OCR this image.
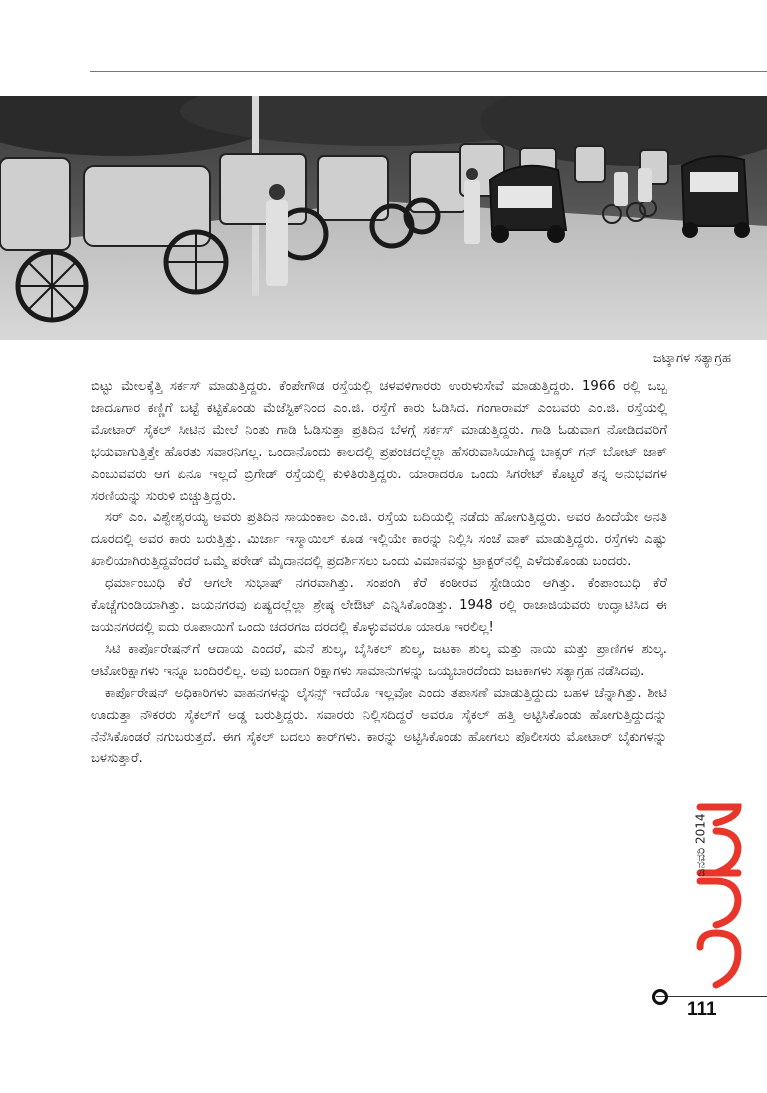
ಜಟ್ಕಾಗಳ ಸತ್ಯಾಗ್ರಹ

ಬಿಟ್ಟು ಮೇಲಕ್ಕೆತ್ತಿ ಸರ್ಕಸ್ ಮಾಡುತ್ತಿದ್ದರು. ಕೆಂಪೇಗೌಡ ರಸ್ತೆಯಲ್ಲಿ ಚಳವಳಿಗಾರರು ಉರುಳುಸೇವೆ ಮಾಡುತ್ತಿದ್ದರು. 1966 ರಲ್ಲಿ ಒಬ್ಬ ಜಾದೂಗಾರ ಕಣ್ಣಿಗೆ ಬಟ್ಟೆ ಕಟ್ಟಿಕೊಂಡು ಮೆಜೆಸ್ಟಿಕ್‌ನಿಂದ ಎಂ.ಜಿ. ರಸ್ತೆಗೆ ಕಾರು ಓಡಿಸಿದ. ಗಂಗಾರಾಮ್ ಎಂಬವರು ಎಂ.ಜಿ. ರಸ್ತೆಯಲ್ಲಿ ಮೋಟಾರ್ ಸೈಕಲ್ ಸೀಟಿನ ಮೇಲೆ ನಿಂತು ಗಾಡಿ ಓಡಿಸುತ್ತಾ ಪ್ರತಿದಿನ ಬೆಳಗ್ಗೆ ಸರ್ಕಸ್ ಮಾಡುತ್ತಿದ್ದರು. ಗಾಡಿ ಓಡುವಾಗ ನೋಡಿದವರಿಗೆ ಭಯವಾಗುತ್ತಿತ್ತೇ ಹೊರತು ಸವಾರನಿಗಲ್ಲ. ಒಂದಾನೊಂದು ಕಾಲದಲ್ಲಿ ಪ್ರಪಂಚದಲ್ಲೆಲ್ಲಾ ಹೆಸರುವಾಸಿಯಾಗಿದ್ದ ಬಾಕ್ಸರ್ ಗನ್ ಬೋಟ್ ಜಾಕ್ ಎಂಬುವವರು ಆಗ ಏನೂ ಇಲ್ಲದೆ ಬ್ರಿಗೇಡ್ ರಸ್ತೆಯಲ್ಲಿ ಕುಳಿತಿರುತ್ತಿದ್ದರು. ಯಾರಾದರೂ ಒಂದು ಸಿಗರೇಟ್ ಕೊಟ್ಟರೆ ತನ್ನ ಅನುಭವಗಳ ಸರಣಿಯನ್ನು ಸುರುಳಿ ಬಿಚ್ಚುತ್ತಿದ್ದರು.

ಸರ್ ಎಂ. ವಿಶ್ವೇಶ್ವರಯ್ಯ ಅವರು ಪ್ರತಿದಿನ ಸಾಯಂಕಾಲ ಎಂ.ಜಿ. ರಸ್ತೆಯ ಬದಿಯಲ್ಲಿ ನಡೆದು ಹೋಗುತ್ತಿದ್ದರು. ಅವರ ಹಿಂದೆಯೇ ಅನತಿ ದೂರದಲ್ಲಿ ಅವರ ಕಾರು ಬರುತ್ತಿತ್ತು. ಮಿರ್ಜಾ ಇಸ್ಮಾಯಿಲ್ ಕೂಡ ಇಲ್ಲಿಯೇ ಕಾರನ್ನು ನಿಲ್ಲಿಸಿ ಸಂಜೆ ವಾಕ್ ಮಾಡುತ್ತಿದ್ದರು. ರಸ್ತೆಗಳು ಎಷ್ಟು ಖಾಲಿಯಾಗಿರುತ್ತಿದ್ದವೆಂದರೆ ಒಮ್ಮೆ ಪರೇಡ್ ಮೈದಾನದಲ್ಲಿ ಪ್ರದರ್ಶಿಸಲು ಒಂದು ವಿಮಾನವನ್ನು ಟ್ರಾಕ್ಟರ್‌ನಲ್ಲಿ ಎಳೆದುಕೊಂಡು ಬಂದರು.

ಧರ್ಮಾಂಬುಧಿ ಕೆರೆ ಆಗಲೇ ಸುಭಾಷ್ ನಗರವಾಗಿತ್ತು. ಸಂಪಂಗಿ ಕೆರೆ ಕಂಠೀರವ ಸ್ಟೇಡಿಯಂ ಆಗಿತ್ತು. ಕೆಂಪಾಂಬುಧಿ ಕೆರೆ ಕೊಚ್ಚೆಗುಂಡಿಯಾಗಿತ್ತು. ಜಯನಗರವು ಏಷ್ಯದಲ್ಲೆಲ್ಲಾ ಶ್ರೇಷ್ಠ ಲೇಔಟ್ ಎನ್ನಿಸಿಕೊಂಡಿತ್ತು. 1948 ರಲ್ಲಿ ರಾಜಾಜಿಯವರು ಉದ್ಘಾಟಿಸಿದ ಈ ಜಯನಗರದಲ್ಲಿ ಐದು ರೂಪಾಯಿಗೆ ಒಂದು ಚದರಗಜ ದರದಲ್ಲಿ ಕೊಳ್ಳುವವರೂ ಯಾರೂ ಇರಲಿಲ್ಲ!

ಸಿಟಿ ಕಾರ್ಪೊರೇಷನ್‌ಗೆ ಆದಾಯ ಎಂದರೆ, ಮನೆ ಶುಲ್ಕ, ಬೈಸಿಕಲ್ ಶುಲ್ಕ, ಜಟಕಾ ಶುಲ್ಕ ಮತ್ತು ನಾಯಿ ಮತ್ತು ಪ್ರಾಣಿಗಳ ಶುಲ್ಕ. ಆಟೋರಿಕ್ಷಾಗಳು ಇನ್ನೂ ಬಂದಿರಲಿಲ್ಲ. ಅವು ಬಂದಾಗ ರಿಕ್ಷಾಗಳು ಸಾಮಾನುಗಳನ್ನು ಒಯ್ಯಬಾರದೆಂದು ಜಟಕಾಗಳು ಸತ್ಯಾಗ್ರಹ ನಡೆಸಿದವು.

ಕಾರ್ಪೊರೇಷನ್ ಅಧಿಕಾರಿಗಳು ವಾಹನಗಳನ್ನು ಲೈಸನ್ಸ್ ಇದೆಯೊ ಇಲ್ಲವೋ ಎಂದು ತಪಾಸಣೆ ಮಾಡುತ್ತಿದ್ದುದು ಬಹಳ ಚೆನ್ನಾಗಿತ್ತು. ಶೀಟಿ ಊದುತ್ತಾ ನೌಕರರು ಸೈಕಲ್‌ಗೆ ಅಡ್ಡ ಬರುತ್ತಿದ್ದರು. ಸವಾರರು ನಿಲ್ಲಿಸದಿದ್ದರೆ ಅವರೂ ಸೈಕಲ್ ಹತ್ತಿ ಅಟ್ಟಿಸಿಕೊಂಡು ಹೋಗುತ್ತಿದ್ದುದನ್ನು ನೆನೆಸಿಕೊಂಡರೆ ನಗುಬರುತ್ತದೆ. ಈಗ ಸೈಕಲ್ ಬದಲು ಕಾರ್‌ಗಳು. ಕಾರನ್ನು ಅಟ್ಟಿಸಿಕೊಂಡು ಹೋಗಲು ಪೊಲೀಸರು ಮೋಟಾರ್ ಬೈಕುಗಳನ್ನು ಬಳಸುತ್ತಾರೆ.

ಜನವರಿ 2014
111
